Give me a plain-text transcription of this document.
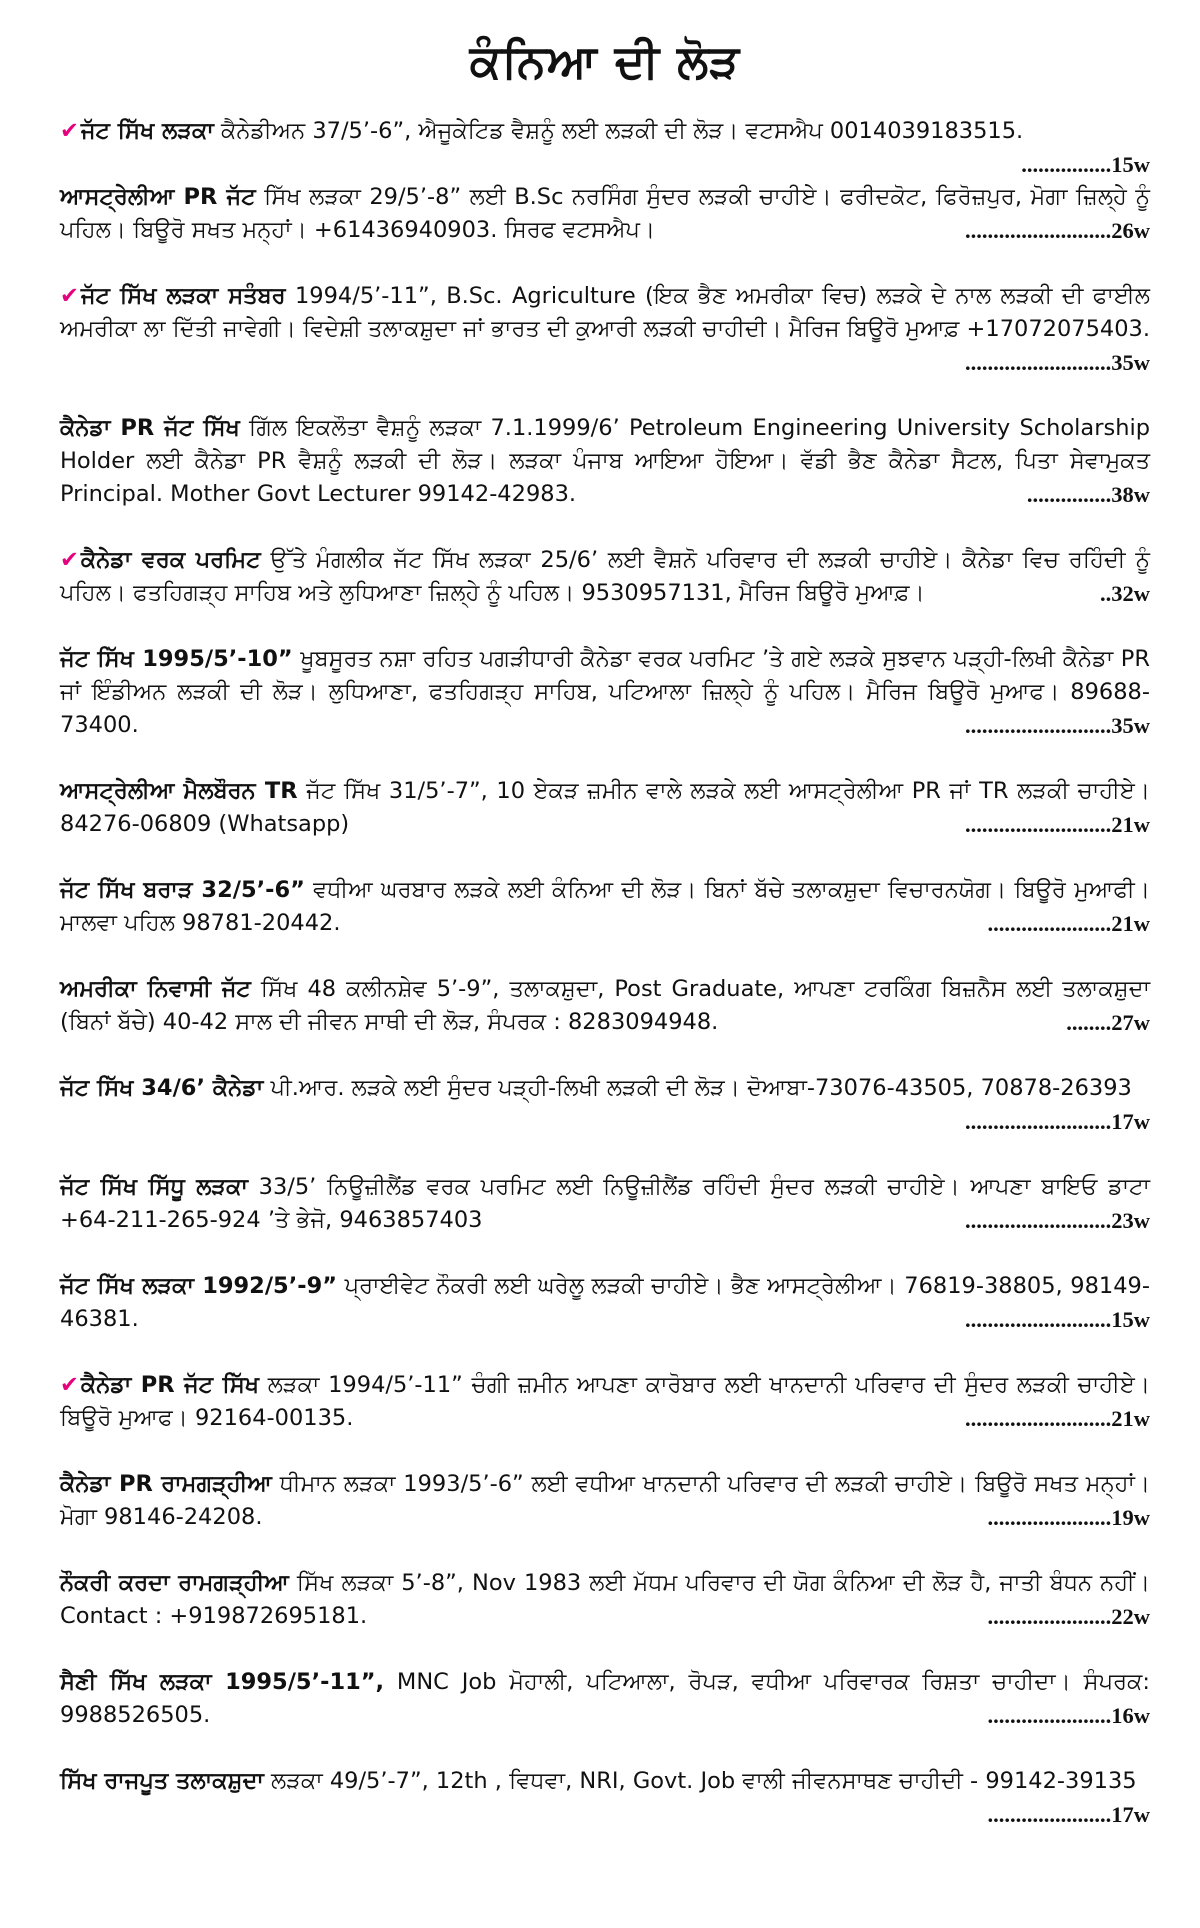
ਕੰਨਿਆ ਦੀ ਲੋੜ

✔ਜੱਟ ਸਿੱਖ ਲੜਕਾ ਕੈਨੇਡੀਅਨ 37/5’-6”, ਐਜੂਕੇਟਿਡ ਵੈਸ਼ਨੂੰ ਲਈ ਲੜਕੀ ਦੀ ਲੋੜ। ਵਟਸਐਪ 0014039183515.
................15w

ਆਸਟ੍ਰੇਲੀਆ PR ਜੱਟ ਸਿੱਖ ਲੜਕਾ 29/5’-8” ਲਈ B.Sc ਨਰਸਿੰਗ ਸੁੰਦਰ ਲੜਕੀ ਚਾਹੀਏ। ਫਰੀਦਕੋਟ, ਫਿਰੋਜ਼ਪੁਰ, ਮੋਗਾ ਜ਼ਿਲ੍ਹੇ ਨੂੰ ਪਹਿਲ। ਬਿਊਰੋ ਸਖਤ ਮਨ੍ਹਾਂ। +61436940903. ਸਿਰਫ ਵਟਸਐਪ।	..........................26w

✔ਜੱਟ ਸਿੱਖ ਲੜਕਾ ਸਤੰਬਰ 1994/5’-11”, B.Sc. Agriculture (ਇਕ ਭੈਣ ਅਮਰੀਕਾ ਵਿਚ) ਲੜਕੇ ਦੇ ਨਾਲ ਲੜਕੀ ਦੀ ਫਾਈਲ ਅਮਰੀਕਾ ਲਾ ਦਿੱਤੀ ਜਾਵੇਗੀ। ਵਿਦੇਸ਼ੀ ਤਲਾਕਸ਼ੁਦਾ ਜਾਂ ਭਾਰਤ ਦੀ ਕੁਆਰੀ ਲੜਕੀ ਚਾਹੀਦੀ। ਮੈਰਿਜ ਬਿਊਰੋ ਮੁਆਫ਼ +17072075403.
..........................35w

ਕੈਨੇਡਾ PR ਜੱਟ ਸਿੱਖ ਗਿੱਲ ਇਕਲੌਤਾ ਵੈਸ਼ਨੂੰ ਲੜਕਾ 7.1.1999/6’ Petroleum Engineering University Scholarship Holder ਲਈ ਕੈਨੇਡਾ PR ਵੈਸ਼ਨੂੰ ਲੜਕੀ ਦੀ ਲੋੜ। ਲੜਕਾ ਪੰਜਾਬ ਆਇਆ ਹੋਇਆ। ਵੱਡੀ ਭੈਣ ਕੈਨੇਡਾ ਸੈਟਲ, ਪਿਤਾ ਸੇਵਾਮੁਕਤ Principal. Mother Govt Lecturer 99142-42983.	...............38w

✔ਕੈਨੇਡਾ ਵਰਕ ਪਰਮਿਟ ਉੱਤੇ ਮੰਗਲੀਕ ਜੱਟ ਸਿੱਖ ਲੜਕਾ 25/6’ ਲਈ ਵੈਸ਼ਨੋ ਪਰਿਵਾਰ ਦੀ ਲੜਕੀ ਚਾਹੀਏ। ਕੈਨੇਡਾ ਵਿਚ ਰਹਿੰਦੀ ਨੂੰ ਪਹਿਲ। ਫਤਹਿਗੜ੍ਹ ਸਾਹਿਬ ਅਤੇ ਲੁਧਿਆਣਾ ਜ਼ਿਲ੍ਹੇ ਨੂੰ ਪਹਿਲ। 9530957131, ਮੈਰਿਜ ਬਿਊਰੋ ਮੁਆਫ਼।	..32w

ਜੱਟ ਸਿੱਖ 1995/5’-10” ਖੂਬਸੂਰਤ ਨਸ਼ਾ ਰਹਿਤ ਪਗੜੀਧਾਰੀ ਕੈਨੇਡਾ ਵਰਕ ਪਰਮਿਟ ’ਤੇ ਗਏ ਲੜਕੇ ਸੁਝਵਾਨ ਪੜ੍ਹੀ-ਲਿਖੀ ਕੈਨੇਡਾ PR ਜਾਂ ਇੰਡੀਅਨ ਲੜਕੀ ਦੀ ਲੋੜ। ਲੁਧਿਆਣਾ, ਫਤਹਿਗੜ੍ਹ ਸਾਹਿਬ, ਪਟਿਆਲਾ ਜ਼ਿਲ੍ਹੇ ਨੂੰ ਪਹਿਲ। ਮੈਰਿਜ ਬਿਊਰੋ ਮੁਆਫ। 89688-73400.	..........................35w

ਆਸਟ੍ਰੇਲੀਆ ਮੈਲਬੌਰਨ TR ਜੱਟ ਸਿੱਖ 31/5’-7”, 10 ਏਕੜ ਜ਼ਮੀਨ ਵਾਲੇ ਲੜਕੇ ਲਈ ਆਸਟ੍ਰੇਲੀਆ PR ਜਾਂ TR ਲੜਕੀ ਚਾਹੀਏ। 84276-06809 (Whatsapp)	..........................21w

ਜੱਟ ਸਿੱਖ ਬਰਾੜ 32/5’-6” ਵਧੀਆ ਘਰਬਾਰ ਲੜਕੇ ਲਈ ਕੰਨਿਆ ਦੀ ਲੋੜ। ਬਿਨਾਂ ਬੱਚੇ ਤਲਾਕਸ਼ੁਦਾ ਵਿਚਾਰਨਯੋਗ। ਬਿਊਰੋ ਮੁਆਫੀ। ਮਾਲਵਾ ਪਹਿਲ 98781-20442.	......................21w

ਅਮਰੀਕਾ ਨਿਵਾਸੀ ਜੱਟ ਸਿੱਖ 48 ਕਲੀਨਸ਼ੇਵ 5’-9”, ਤਲਾਕਸ਼ੁਦਾ, Post Graduate, ਆਪਣਾ ਟਰਕਿੰਗ ਬਿਜ਼ਨੈਸ ਲਈ ਤਲਾਕਸ਼ੁਦਾ (ਬਿਨਾਂ ਬੱਚੇ) 40-42 ਸਾਲ ਦੀ ਜੀਵਨ ਸਾਥੀ ਦੀ ਲੋੜ, ਸੰਪਰਕ : 8283094948.	........27w

ਜੱਟ ਸਿੱਖ 34/6’ ਕੈਨੇਡਾ ਪੀ.ਆਰ. ਲੜਕੇ ਲਈ ਸੁੰਦਰ ਪੜ੍ਹੀ-ਲਿਖੀ ਲੜਕੀ ਦੀ ਲੋੜ। ਦੋਆਬਾ-73076-43505, 70878-26393
..........................17w

ਜੱਟ ਸਿੱਖ ਸਿੱਧੂ ਲੜਕਾ 33/5’ ਨਿਊਜ਼ੀਲੈਂਡ ਵਰਕ ਪਰਮਿਟ ਲਈ ਨਿਊਜ਼ੀਲੈਂਡ ਰਹਿੰਦੀ ਸੁੰਦਰ ਲੜਕੀ ਚਾਹੀਏ। ਆਪਣਾ ਬਾਇਓ ਡਾਟਾ +64-211-265-924 ’ਤੇ ਭੇਜੋ, 9463857403	..........................23w

ਜੱਟ ਸਿੱਖ ਲੜਕਾ 1992/5’-9” ਪ੍ਰਾਈਵੇਟ ਨੌਕਰੀ ਲਈ ਘਰੇਲੂ ਲੜਕੀ ਚਾਹੀਏ। ਭੈਣ ਆਸਟ੍ਰੇਲੀਆ। 76819-38805, 98149-46381.	..........................15w

✔ਕੈਨੇਡਾ PR ਜੱਟ ਸਿੱਖ ਲੜਕਾ 1994/5’-11” ਚੰਗੀ ਜ਼ਮੀਨ ਆਪਣਾ ਕਾਰੋਬਾਰ ਲਈ ਖਾਨਦਾਨੀ ਪਰਿਵਾਰ ਦੀ ਸੁੰਦਰ ਲੜਕੀ ਚਾਹੀਏ। ਬਿਊਰੋ ਮੁਆਫ। 92164-00135.	..........................21w

ਕੈਨੇਡਾ PR ਰਾਮਗੜ੍ਹੀਆ ਧੀਮਾਨ ਲੜਕਾ 1993/5’-6” ਲਈ ਵਧੀਆ ਖਾਨਦਾਨੀ ਪਰਿਵਾਰ ਦੀ ਲੜਕੀ ਚਾਹੀਏ। ਬਿਊਰੋ ਸਖਤ ਮਨ੍ਹਾਂ। ਮੋਗਾ 98146-24208.	......................19w

ਨੌਕਰੀ ਕਰਦਾ ਰਾਮਗੜ੍ਹੀਆ ਸਿੱਖ ਲੜਕਾ 5’-8”, Nov 1983 ਲਈ ਮੱਧਮ ਪਰਿਵਾਰ ਦੀ ਯੋਗ ਕੰਨਿਆ ਦੀ ਲੋੜ ਹੈ, ਜਾਤੀ ਬੰਧਨ ਨਹੀਂ। Contact : +919872695181.	......................22w

ਸੈਣੀ ਸਿੱਖ ਲੜਕਾ 1995/5’-11”, MNC Job ਮੋਹਾਲੀ, ਪਟਿਆਲਾ, ਰੋਪੜ, ਵਧੀਆ ਪਰਿਵਾਰਕ ਰਿਸ਼ਤਾ ਚਾਹੀਦਾ। ਸੰਪਰਕ: 9988526505.	......................16w

ਸਿੱਖ ਰਾਜਪੂਤ ਤਲਾਕਸ਼ੁਦਾ ਲੜਕਾ 49/5’-7”, 12th , ਵਿਧਵਾ, NRI, Govt. Job ਵਾਲੀ ਜੀਵਨਸਾਥਣ ਚਾਹੀਦੀ - 99142-39135
......................17w
